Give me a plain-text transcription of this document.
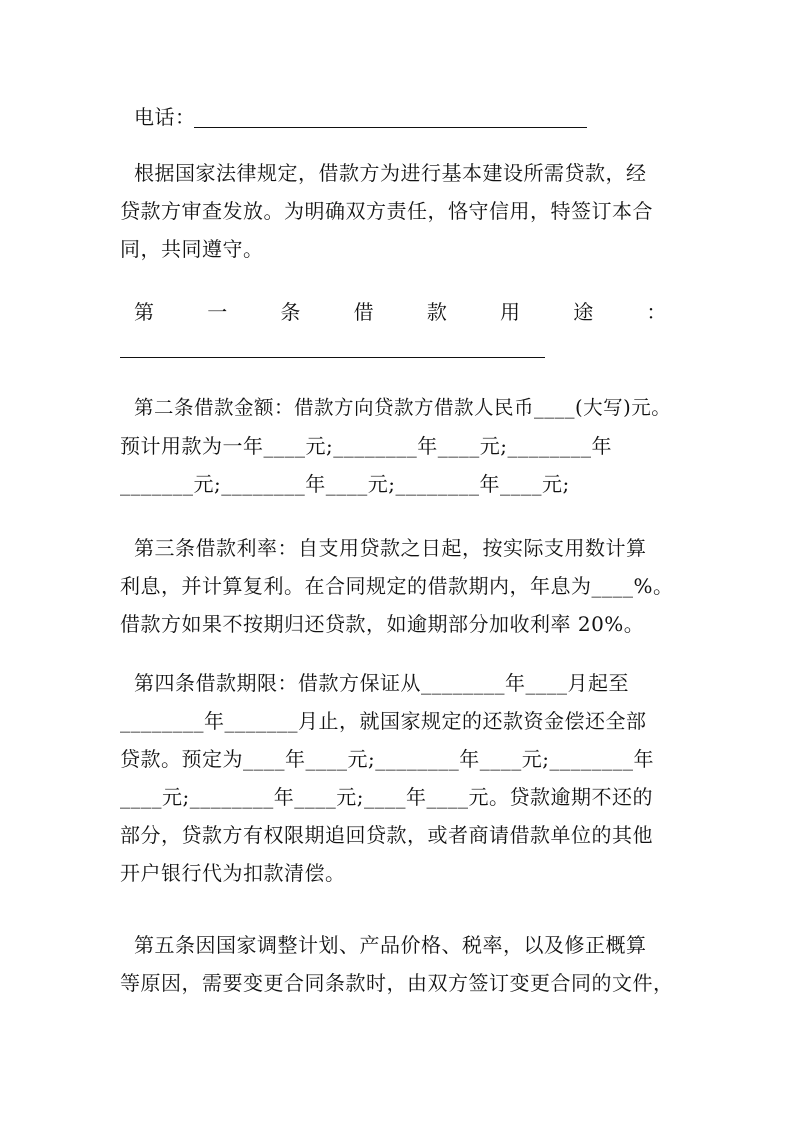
电话：
根据国家法律规定，借款方为进行基本建设所需贷款，经
贷款方审查发放。为明确双方责任，恪守信用，特签订本合
同，共同遵守。
第	一	条	借	款	用	途	：
第二条借款金额：借款方向贷款方借款人民币____(大写)元。
预计用款为一年____元;________年____元;________年
_______元;________年____元;________年____元;
第三条借款利率：自支用贷款之日起，按实际支用数计算
利息，并计算复利。在合同规定的借款期内，年息为____%。
借款方如果不按期归还贷款，如逾期部分加收利率 20%。
第四条借款期限：借款方保证从________年____月起至
________年_______月止，就国家规定的还款资金偿还全部
贷款。预定为____年____元;________年____元;________年
____元;________年____元;____年____元。贷款逾期不还的
部分，贷款方有权限期追回贷款，或者商请借款单位的其他
开户银行代为扣款清偿。
第五条因国家调整计划、产品价格、税率，以及修正概算
等原因，需要变更合同条款时，由双方签订变更合同的文件，
